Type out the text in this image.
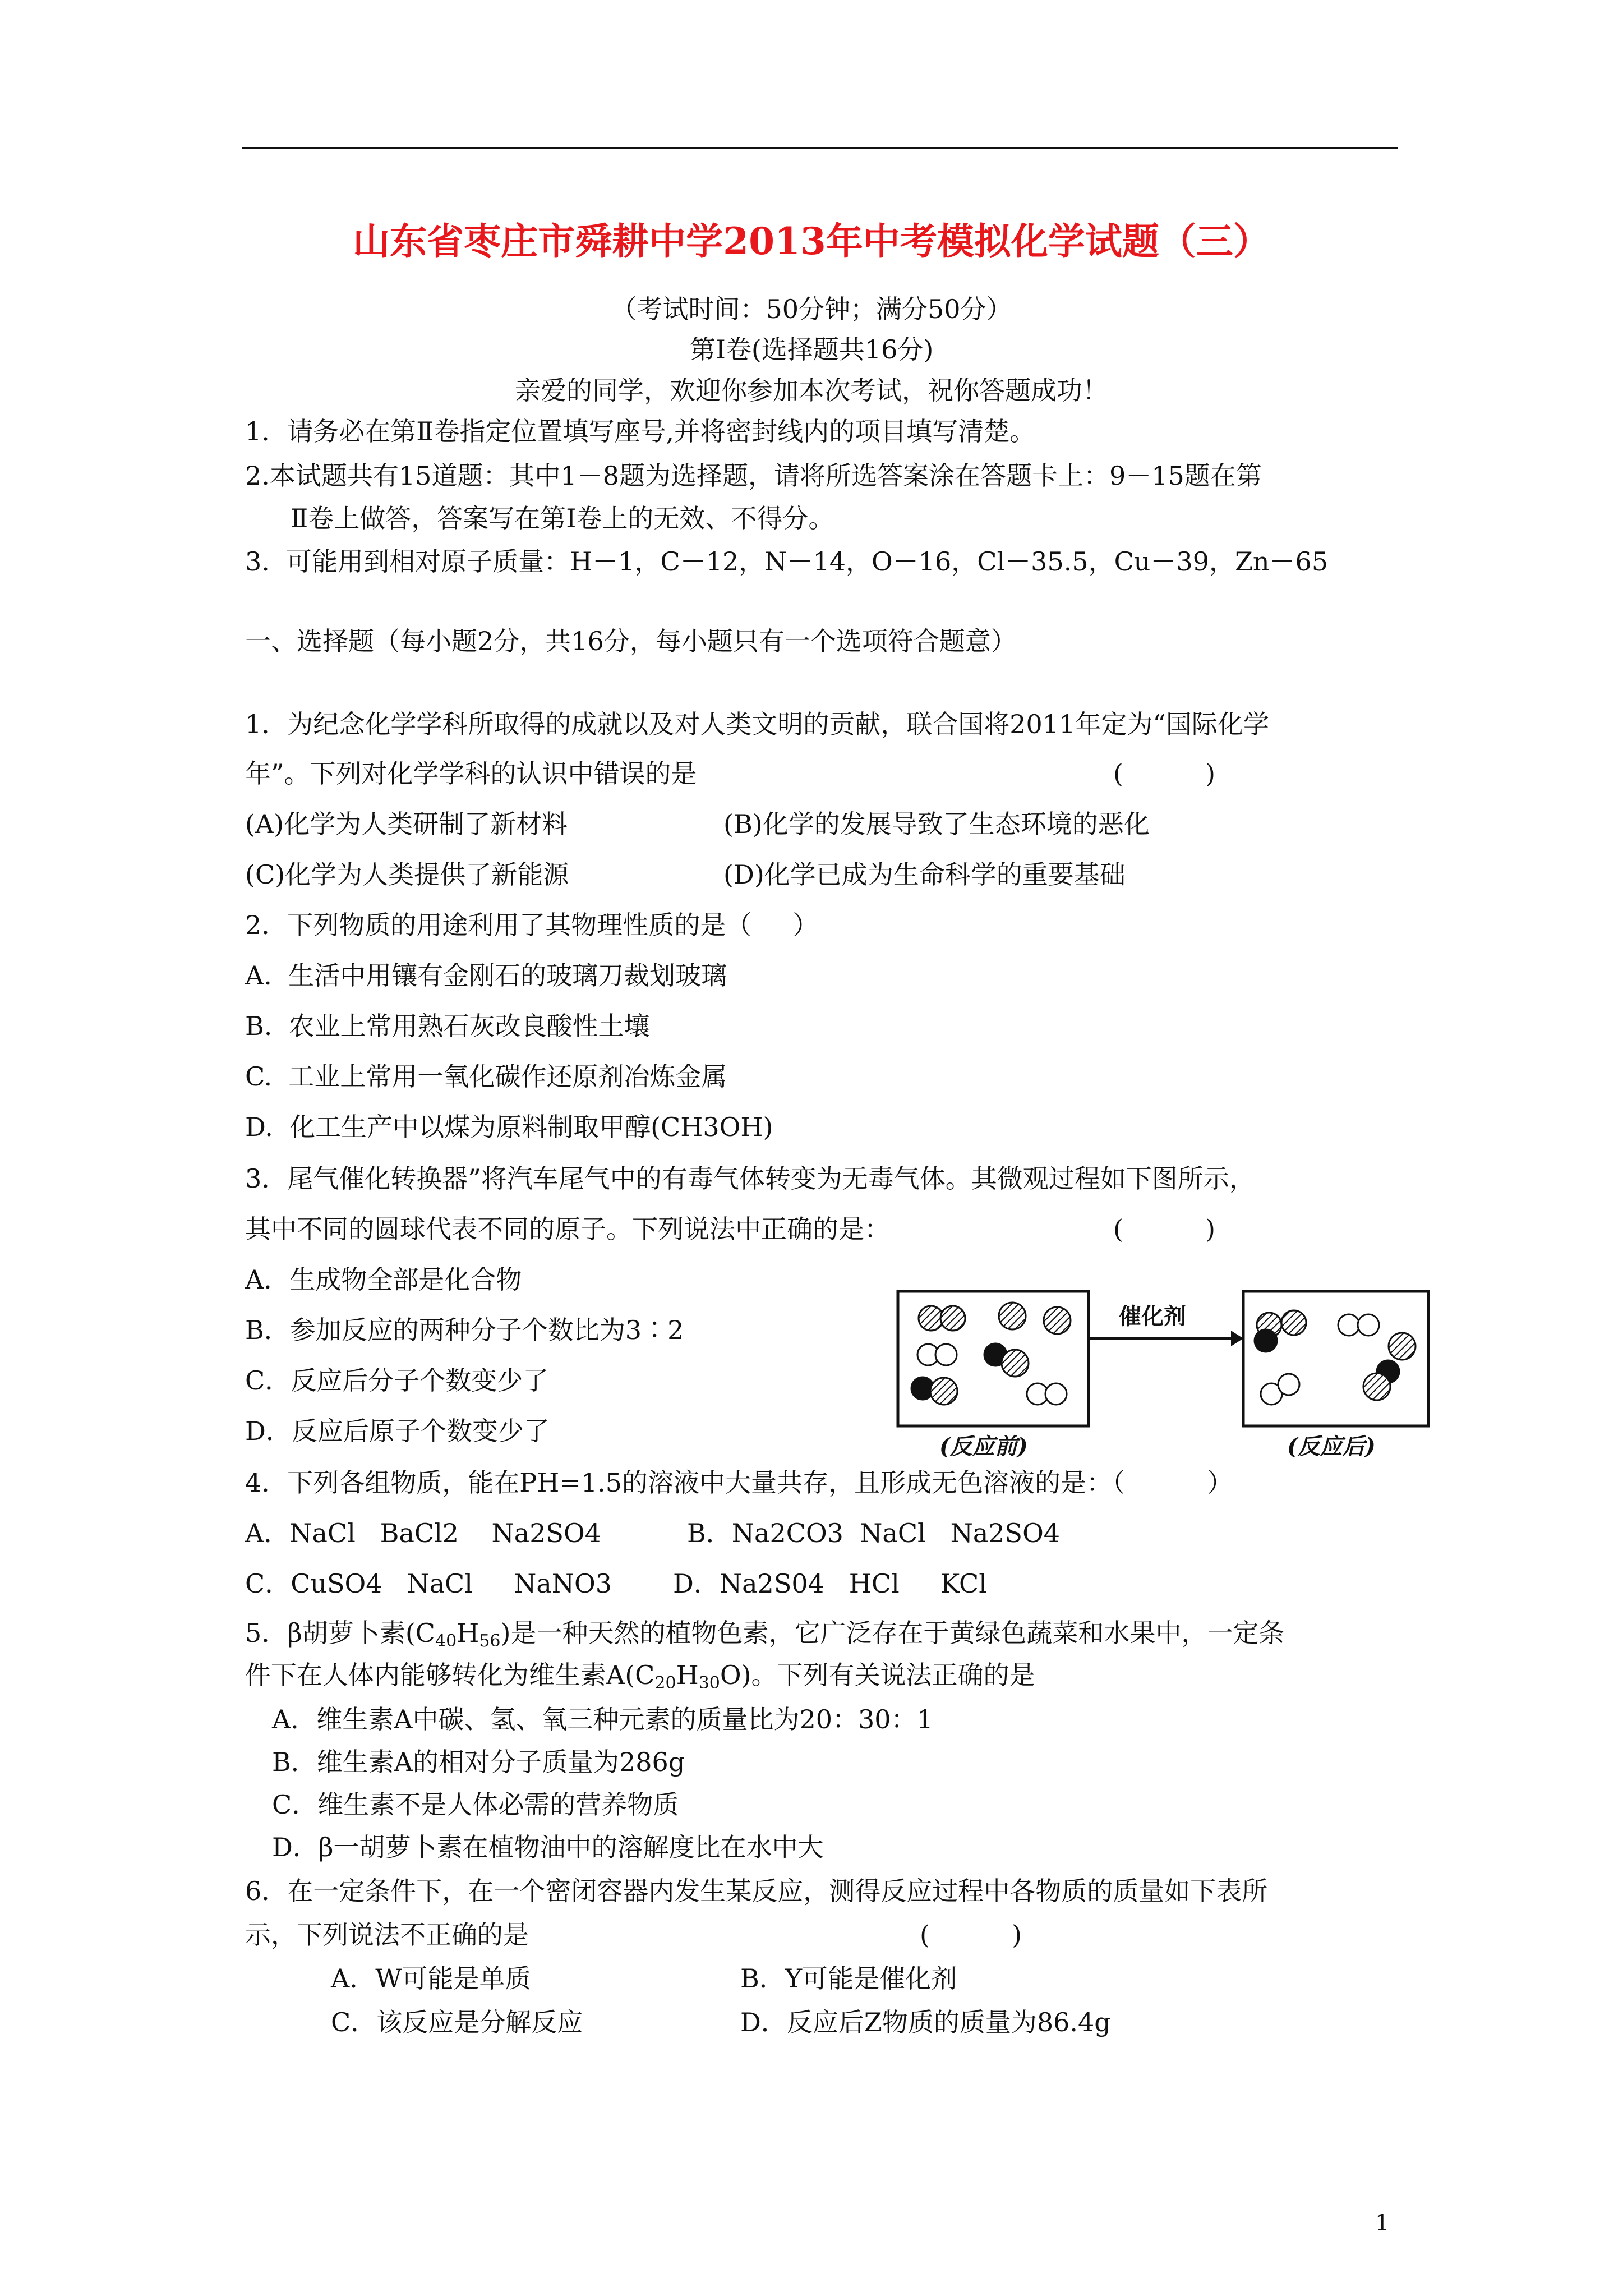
山东省枣庄市舜耕中学2013年中考模拟化学试题（三）
（考试时间：50分钟；满分50分）
第Ⅰ卷(选择题共16分)
亲爱的同学，欢迎你参加本次考试，祝你答题成功！
1．请务必在第Ⅱ卷指定位置填写座号,并将密封线内的项目填写清楚。
2.本试题共有15道题：其中1－8题为选择题，请将所选答案涂在答题卡上：9－15题在第
Ⅱ卷上做答，答案写在第Ⅰ卷上的无效、不得分。
3.  可能用到相对原子质量：H－1，C－12，N－14，O－16，Cl－35.5，Cu－39，Zn－65
一、选择题（每小题2分，共16分，每小题只有一个选项符合题意）
1．为纪念化学学科所取得的成就以及对人类文明的贡献，联合国将2011年定为“国际化学
年”。下列对化学学科的认识中错误的是	(          )
(A)化学为人类研制了新材料	(B)化学的发展导致了生态环境的恶化
(C)化学为人类提供了新能源	(D)化学已成为生命科学的重要基础
2．下列物质的用途利用了其物理性质的是（     ）
A.  生活中用镶有金刚石的玻璃刀裁划玻璃
B.  农业上常用熟石灰改良酸性土壤
C.  工业上常用一氧化碳作还原剂冶炼金属
D.  化工生产中以煤为原料制取甲醇(CH3OH)
3．尾气催化转换器”将汽车尾气中的有毒气体转变为无毒气体。其微观过程如下图所示，
其中不同的圆球代表不同的原子。下列说法中正确的是：	(          )
A．生成物全部是化合物
B．参加反应的两种分子个数比为3∶2
C．反应后分子个数变少了
D．反应后原子个数变少了
催化剂
(反应前)	(反应后)
4．下列各组物质，能在PH=1.5的溶液中大量共存，且形成无色溶液的是：（          ）
A．NaCl   BaCl2    Na2SO4	B．Na2CO3  NaCl   Na2SO4
C．CuSO4   NaCl     NaNO3 D．Na2S04   HCl     KCl
5．β胡萝卜素$(C_{40}H_{56})$是一种天然的植物色素，它广泛存在于黄绿色蔬菜和水果中，一定条
件下在人体内能够转化为维生素$A(C_{20}H_{30}O)$。下列有关说法正确的是
A．维生素A中碳、氢、氧三种元素的质量比为20：30：1
B．维生素A的相对分子质量为286g
C．维生素不是人体必需的营养物质
D．β一胡萝卜素在植物油中的溶解度比在水中大
6．在一定条件下，在一个密闭容器内发生某反应，测得反应过程中各物质的质量如下表所
示，下列说法不正确的是	(          )
A．W可能是单质	B．Y可能是催化剂
C．该反应是分解反应	D．反应后Z物质的质量为86.4g
1
